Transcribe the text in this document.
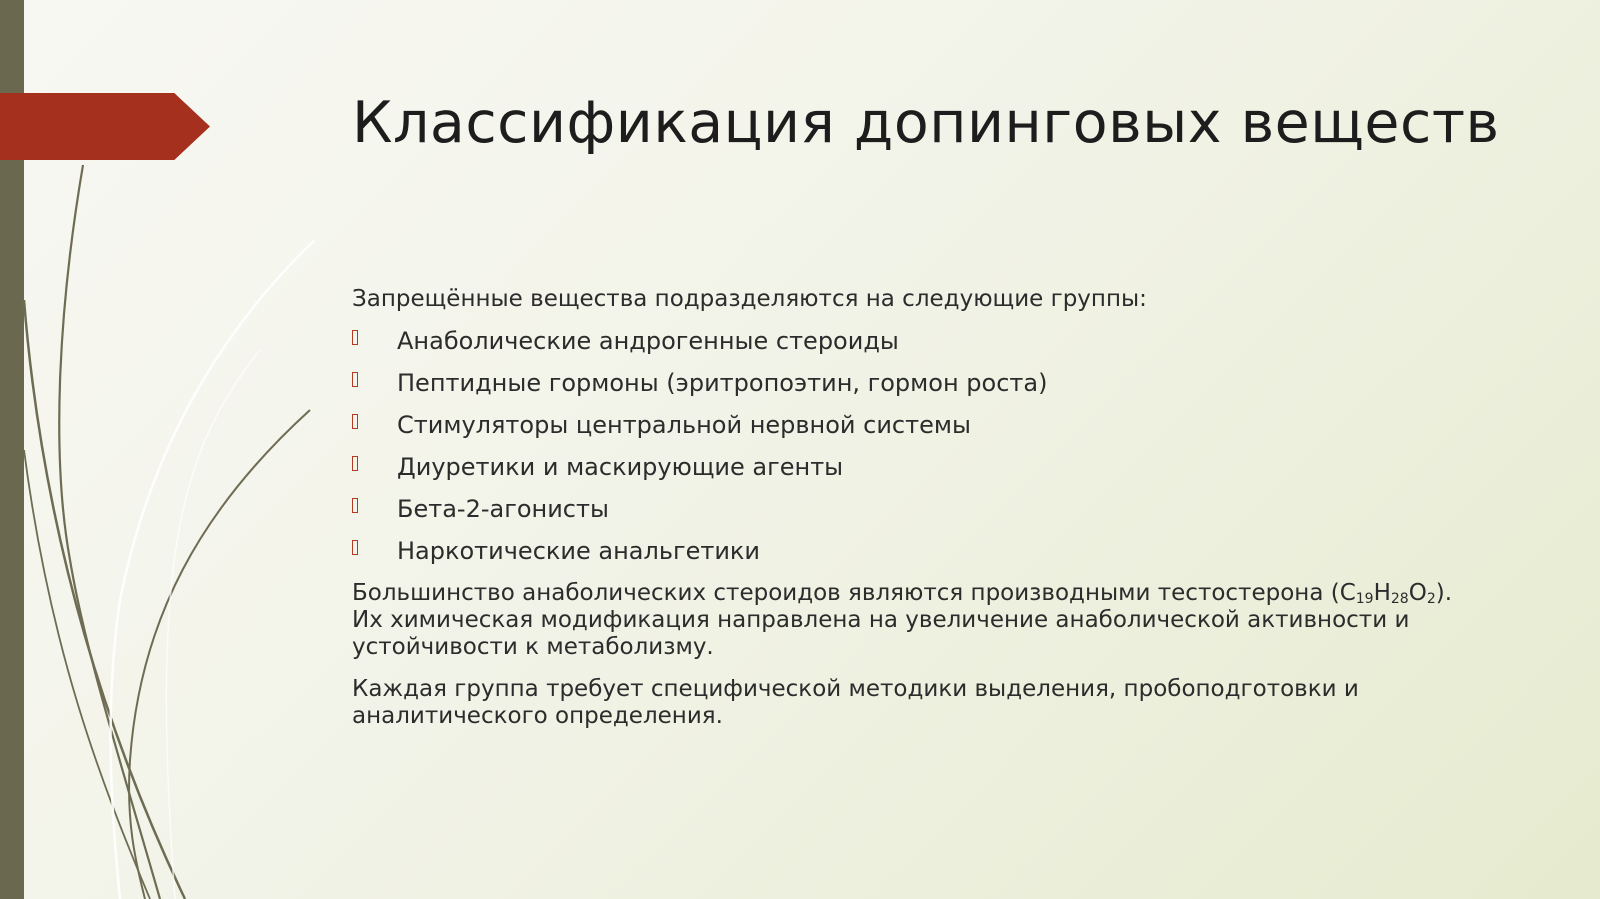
Классификация допинговых веществ

Запрещённые вещества подразделяются на следующие группы:

Анаболические андрогенные стероиды
Пептидные гормоны (эритропоэтин, гормон роста)
Стимуляторы центральной нервной системы
Диуретики и маскирующие агенты
Бета-2-агонисты
Наркотические анальгетики

Большинство анаболических стероидов являются производными тестостерона $(C_{19}H_{28}O_2)$. Их химическая модификация направлена на увеличение анаболической активности и устойчивости к метаболизму.

Каждая группа требует специфической методики выделения, пробоподготовки и аналитического определения.
